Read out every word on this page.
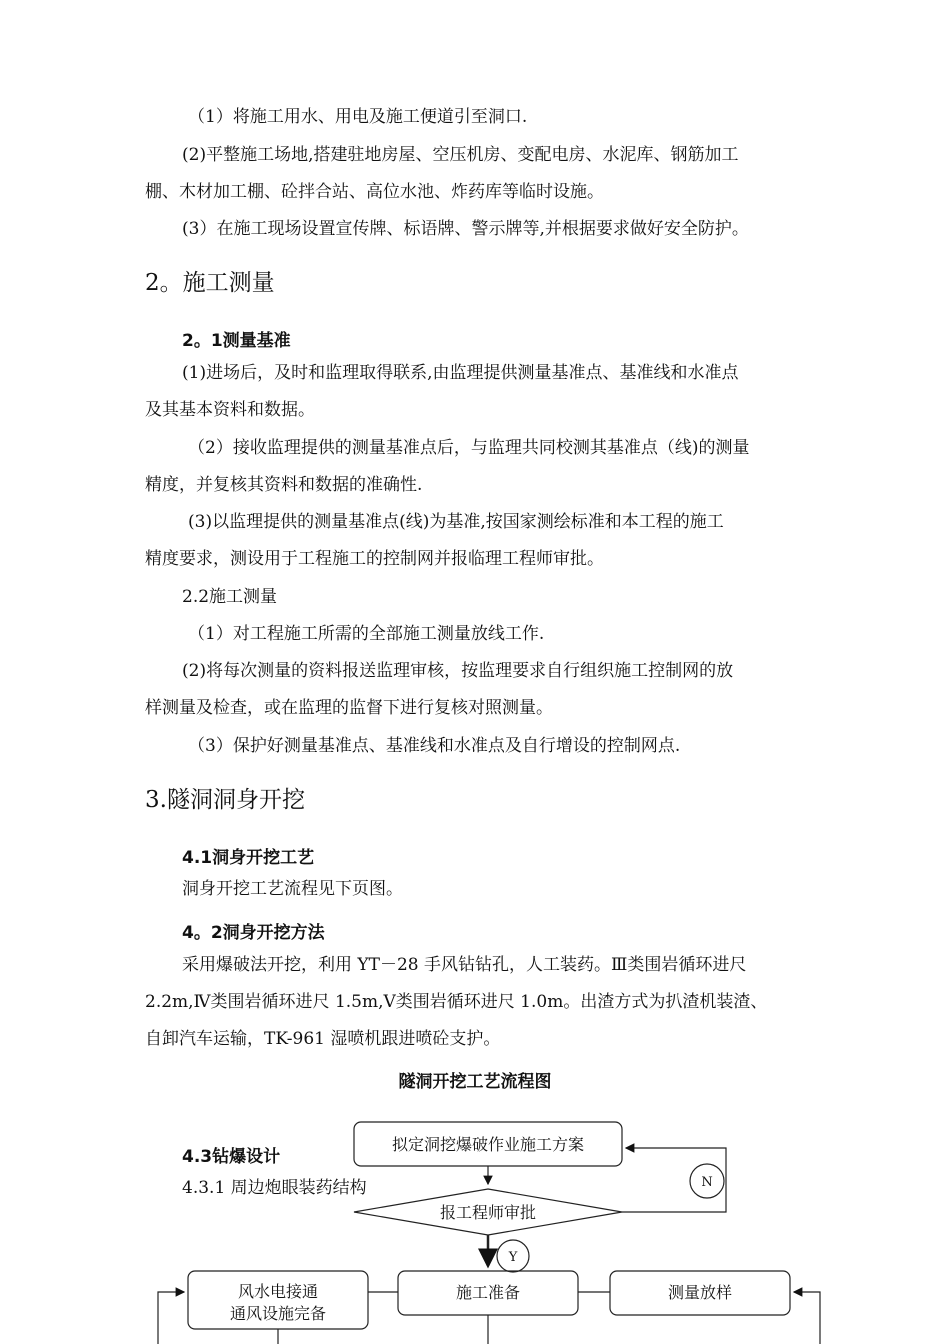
（1）将施工用水、用电及施工便道引至洞口.
(2)平整施工场地,搭建驻地房屋、空压机房、变配电房、水泥库、钢筋加工
棚、木材加工棚、砼拌合站、高位水池、炸药库等临时设施。
(3）在施工现场设置宣传牌、标语牌、警示牌等,并根据要求做好安全防护。
2。施工测量
2。1测量基准
(1)进场后，及时和监理取得联系,由监理提供测量基准点、基准线和水准点
及其基本资料和数据。
（2）接收监理提供的测量基准点后，与监理共同校测其基准点（线)的测量
精度，并复核其资料和数据的准确性.
(3)以监理提供的测量基准点(线)为基准,按国家测绘标准和本工程的施工
精度要求，测设用于工程施工的控制网并报临理工程师审批。
2.2施工测量
（1）对工程施工所需的全部施工测量放线工作.
(2)将每次测量的资料报送监理审核，按监理要求自行组织施工控制网的放
样测量及检查，或在监理的监督下进行复核对照测量。
（3）保护好测量基准点、基准线和水准点及自行增设的控制网点.
3.隧洞洞身开挖
4.1洞身开挖工艺
洞身开挖工艺流程见下页图。
4。2洞身开挖方法
采用爆破法开挖，利用 YT－28 手风钻钻孔，人工装药。Ⅲ类围岩循环进尺
2.2m,Ⅳ类围岩循环进尺 1.5m,Ⅴ类围岩循环进尺 1.0m。出渣方式为扒渣机装渣、
自卸汽车运输，TK-961 湿喷机跟进喷砼支护。
隧洞开挖工艺流程图
拟定洞挖爆破作业施工方案
报工程师审批
N
Y
施工准备
风水电接通
通风设施完备
测量放样
4.3钻爆设计
4.3.1 周边炮眼装药结构
